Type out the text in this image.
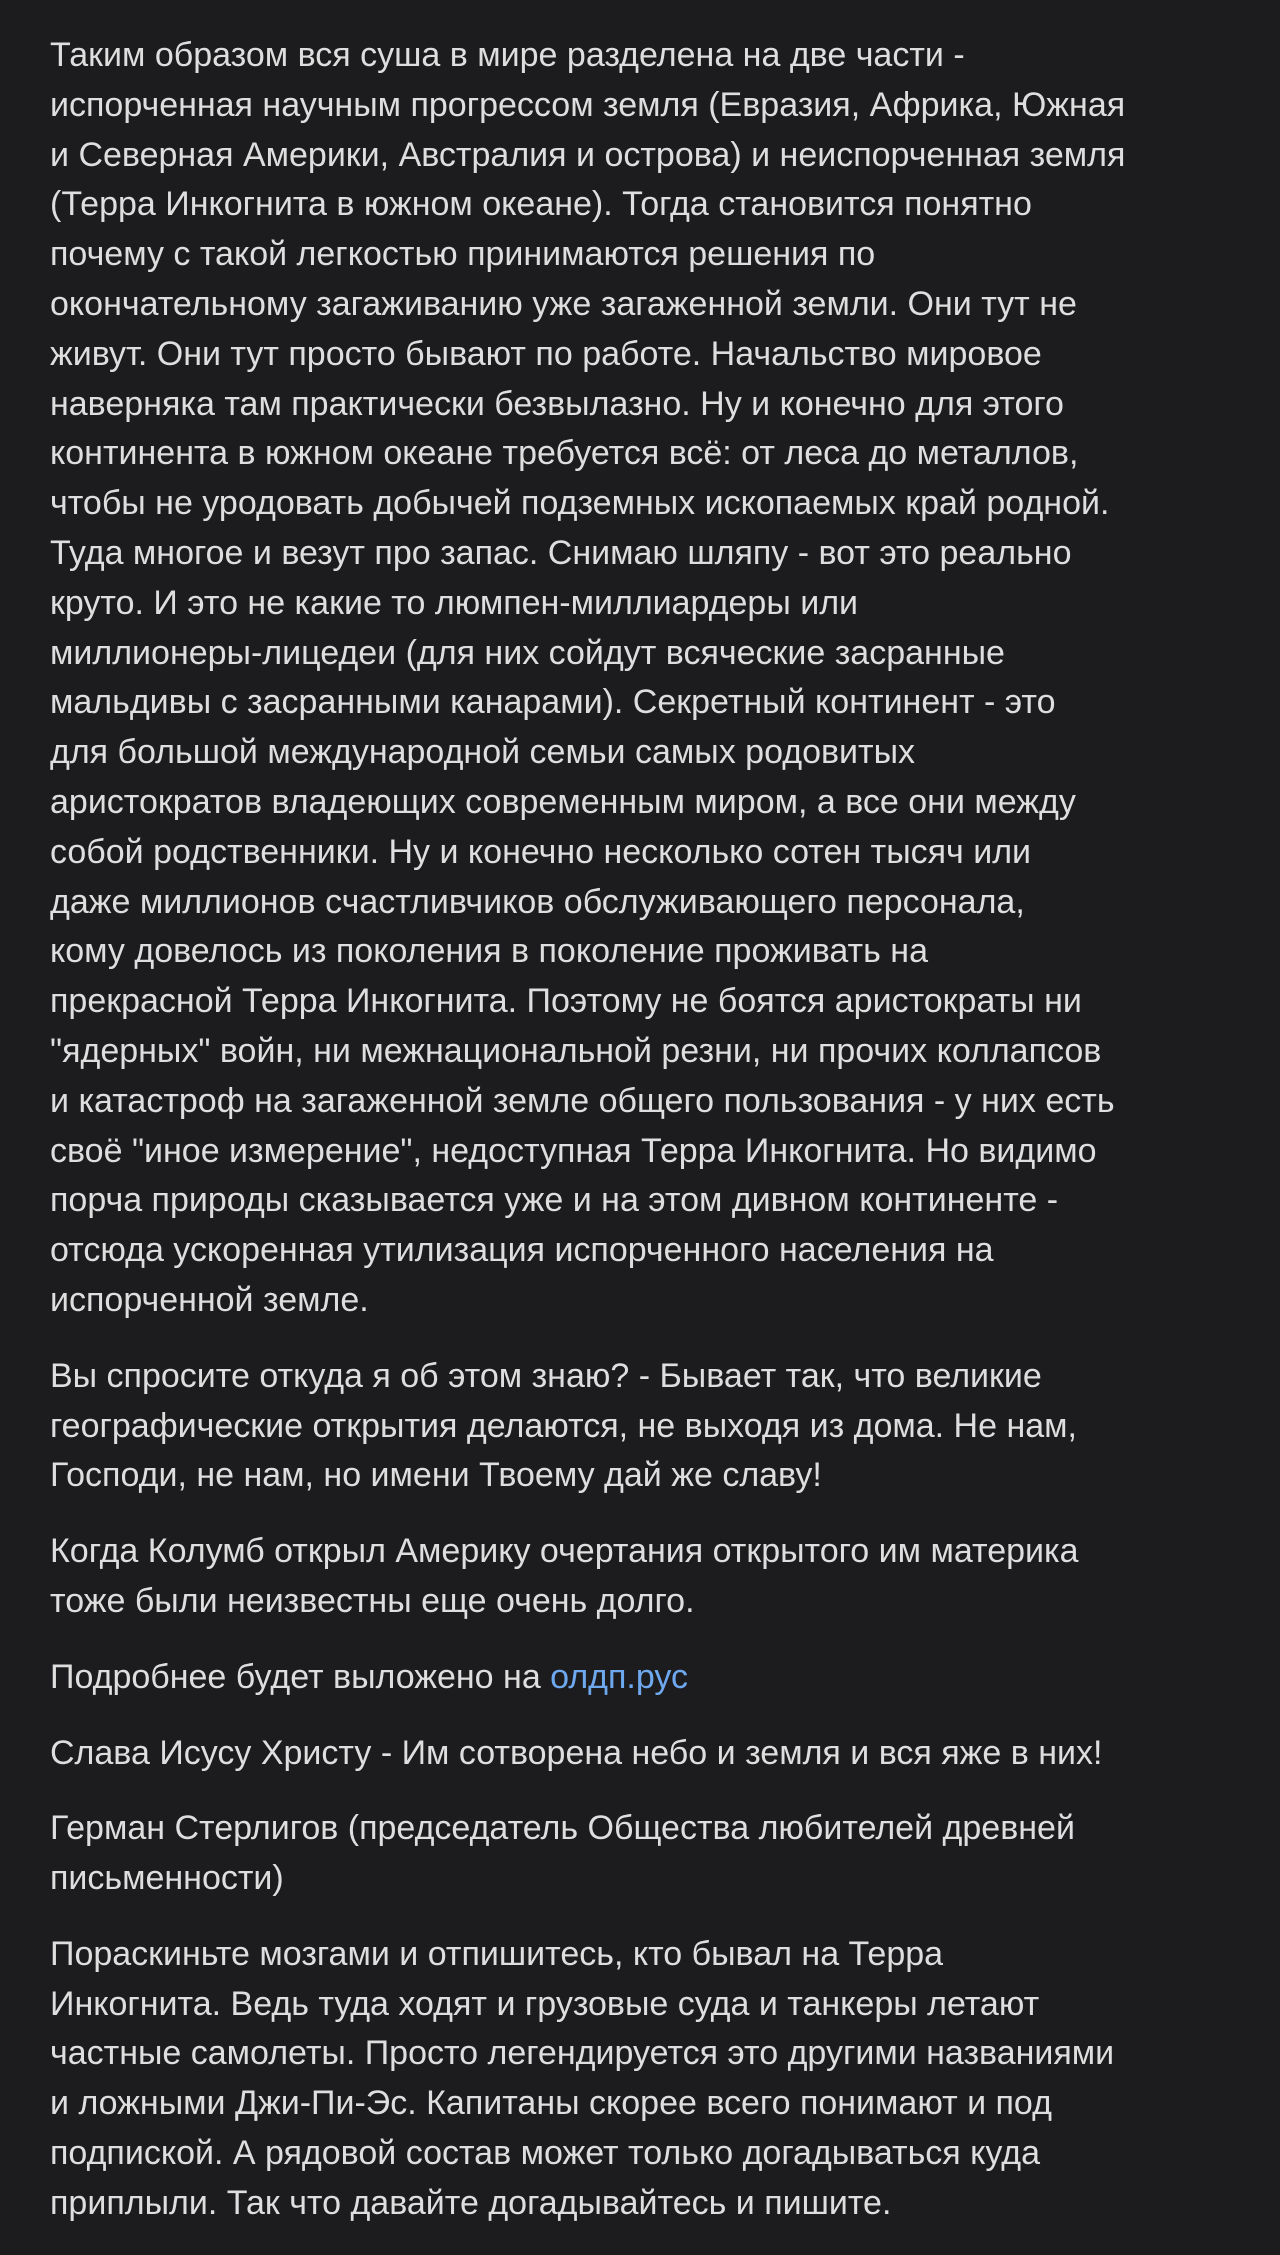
Таким образом вся суша в мире разделена на две части -
испорченная научным прогрессом земля (Евразия, Африка, Южная
и Северная Америки, Австралия и острова) и неиспорченная земля
(Терра Инкогнита в южном океане). Тогда становится понятно
почему с такой легкостью принимаются решения по
окончательному загаживанию уже загаженной земли. Они тут не
живут. Они тут просто бывают по работе. Начальство мировое
наверняка там практически безвылазно. Ну и конечно для этого
континента в южном океане требуется всё: от леса до металлов,
чтобы не уродовать добычей подземных ископаемых край родной.
Туда многое и везут про запас. Снимаю шляпу - вот это реально
круто. И это не какие то люмпен-миллиардеры или
миллионеры-лицедеи (для них сойдут всяческие засранные
мальдивы с засранными канарами). Секретный континент - это
для большой международной семьи самых родовитых
аристократов владеющих современным миром, а все они между
собой родственники. Ну и конечно несколько сотен тысяч или
даже миллионов счастливчиков обслуживающего персонала,
кому довелось из поколения в поколение проживать на
прекрасной Терра Инкогнита. Поэтому не боятся аристократы ни
"ядерных" войн, ни межнациональной резни, ни прочих коллапсов
и катастроф на загаженной земле общего пользования - у них есть
своё "иное измерение", недоступная Терра Инкогнита. Но видимо
порча природы сказывается уже и на этом дивном континенте -
отсюда ускоренная утилизация испорченного населения на
испорченной земле.

Вы спросите откуда я об этом знаю? - Бывает так, что великие
географические открытия делаются, не выходя из дома. Не нам,
Господи, не нам, но имени Твоему дай же славу!

Когда Колумб открыл Америку очертания открытого им материка
тоже были неизвестны еще очень долго.

Подробнее будет выложено на олдп.рус

Слава Исусу Христу - Им сотворена небо и земля и вся яже в них!

Герман Стерлигов (председатель Общества любителей древней
письменности)

Пораскиньте мозгами и отпишитесь, кто бывал на Терра
Инкогнита. Ведь туда ходят и грузовые суда и танкеры летают
частные самолеты. Просто легендируется это другими названиями
и ложными Джи-Пи-Эс. Капитаны скорее всего понимают и под
подпиской. А рядовой состав может только догадываться куда
приплыли. Так что давайте догадывайтесь и пишите.
